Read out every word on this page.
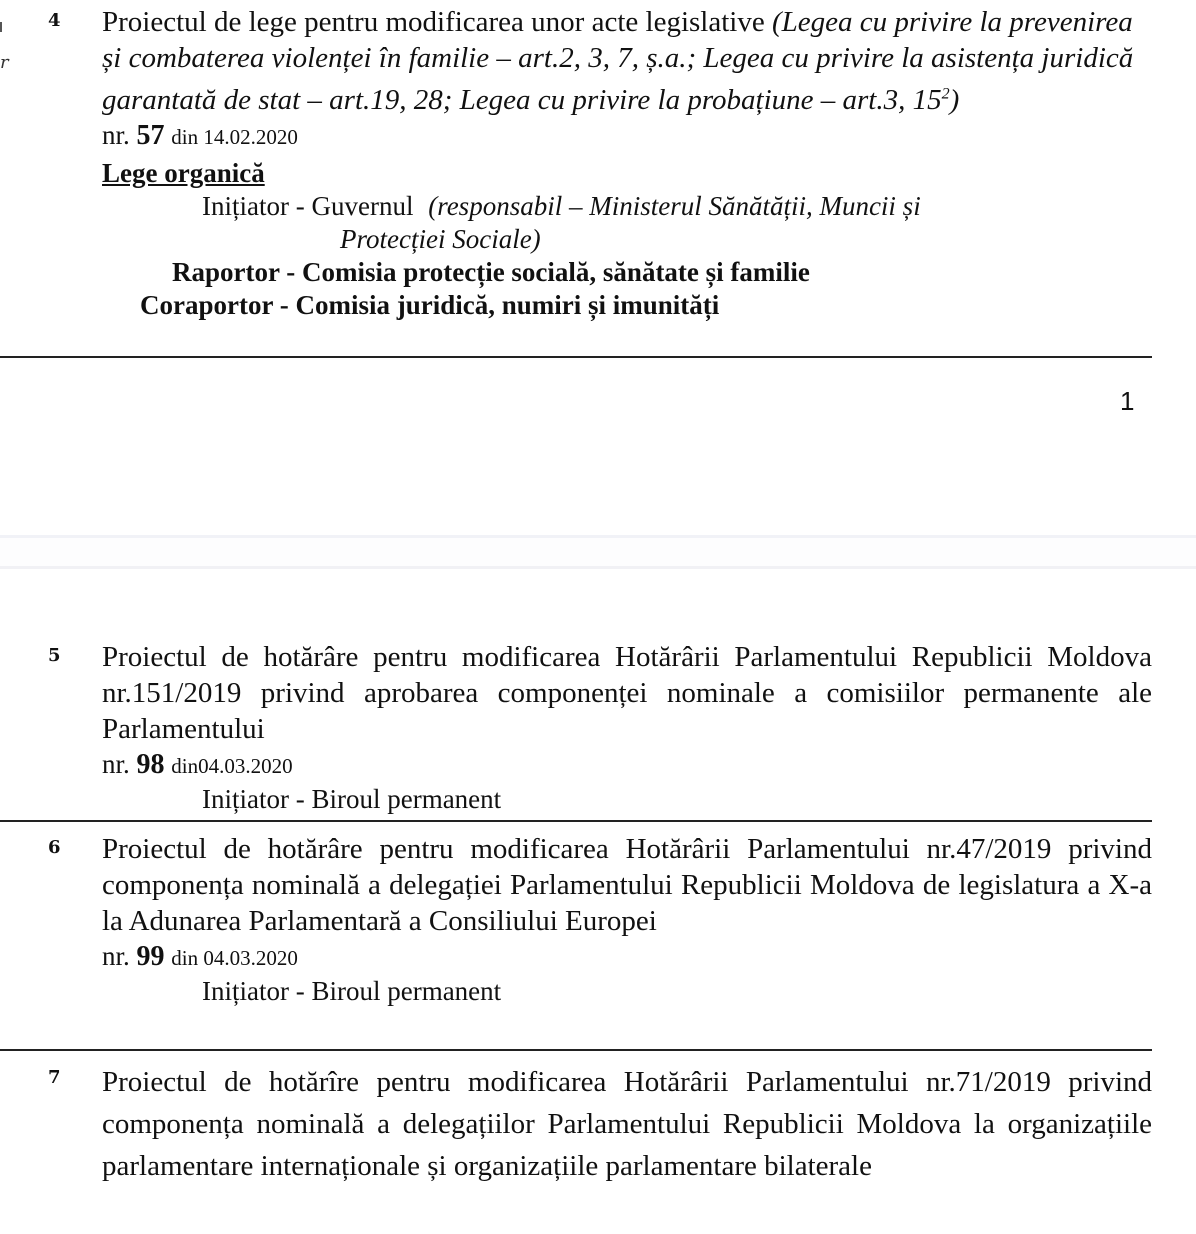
r
4 Proiectul de lege pentru modificarea unor acte legislative (Legea cu privire la prevenirea și combaterea violenței în familie – art.2, 3, 7, ș.a.; Legea cu privire la asistența juridică garantată de stat – art.19, 28; Legea cu privire la probațiune – art.3, $15^2$)

nr. 57 din 14.02.2020
Lege organică
Inițiator - Guvernul (responsabil – Ministerul Sănătății, Muncii și
Protecției Sociale)
Raportor - Comisia protecție socială, sănătate și familie
Coraportor - Comisia juridică, numiri și imunități
1
5 Proiectul de hotărâre pentru modificarea Hotărârii Parlamentului Republicii Moldova nr.151/2019 privind aprobarea componenței nominale a comisiilor permanente ale Parlamentului

nr. 98 din04.03.2020
Inițiator - Biroul permanent
6 Proiectul de hotărâre pentru modificarea Hotărârii Parlamentului nr.47/2019 privind componența nominală a delegației Parlamentului Republicii Moldova de legislatura a X-a la Adunarea Parlamentară a Consiliului Europei

nr. 99 din 04.03.2020
Inițiator - Biroul permanent
7 Proiectul de hotărîre pentru modificarea Hotărârii Parlamentului nr.71/2019 privind componența nominală a delegațiilor Parlamentului Republicii Moldova la organizațiile parlamentare internaționale și organizațiile parlamentare bilaterale
